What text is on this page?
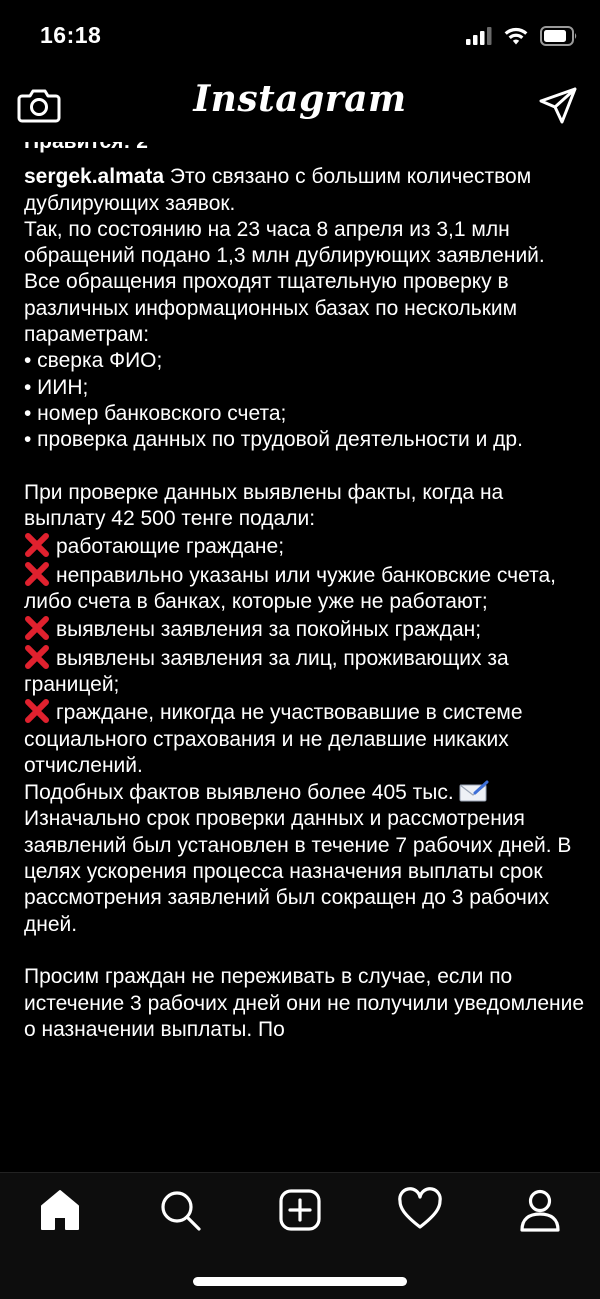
16:18
Instagram

sergek.almata Это связано с большим количеством дублирующих заявок.

Так, по состоянию на 23 часа 8 апреля из 3,1 млн обращений подано 1,3 млн дублирующих заявлений.

Все обращения проходят тщательную проверку в различных информационных базах по нескольким параметрам:

• сверка ФИО;

• ИИН;

• номер банковского счета;

• проверка данных по трудовой деятельности и др.

При проверке данных выявлены факты, когда на выплату 42 500 тенге подали:

работающие граждане;

неправильно указаны или чужие банковские счета, либо счета в банках, которые уже не работают;

выявлены заявления за покойных граждан;

выявлены заявления за лиц, проживающих за границей;

граждане, никогда не участвовавшие в системе социального страхования и не делавшие никаких отчислений.

Подобных фактов выявлено более 405 тыс.

Изначально срок проверки данных и рассмотрения заявлений был установлен в течение 7 рабочих дней. В целях ускорения процесса назначения выплаты срок рассмотрения заявлений был сокращен до 3 рабочих дней.

Просим граждан не переживать в случае, если по истечение 3 рабочих дней они не получили уведомление о назначении выплаты. По
